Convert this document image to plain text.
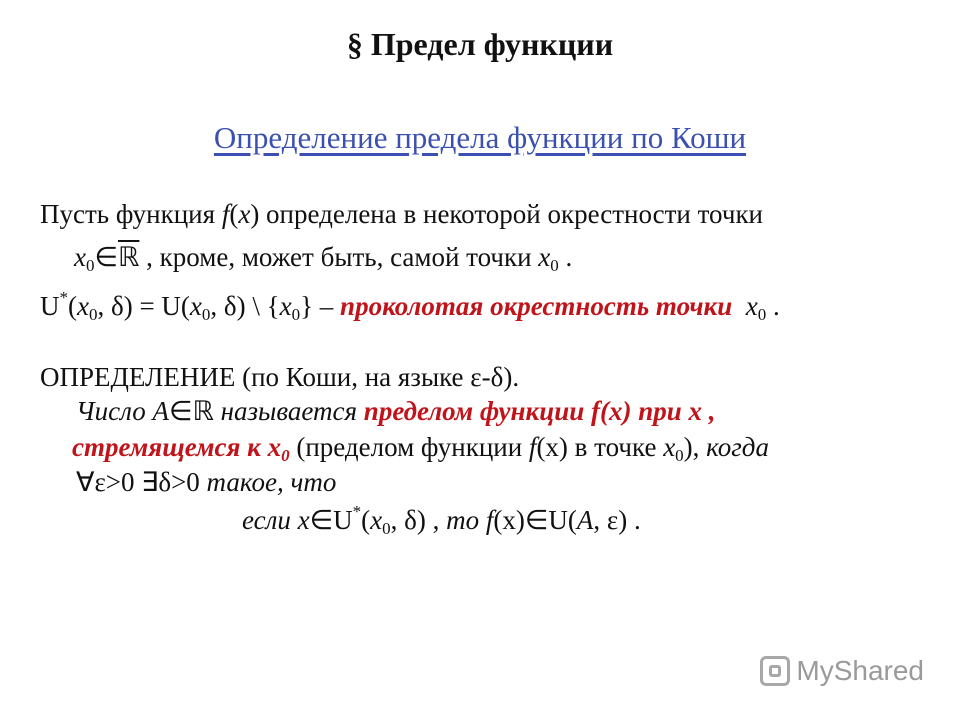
§ Предел функции
Определение предела функции по Коши
Пусть функция f(x) определена в некоторой окрестности точки
$x_0\in ℝ$ , кроме, может быть, самой точки $x_0$ .
$U^*(x_0$, $\delta) = U(x_0$, δ) \ $\{x_0\}$ – проколотая окрестность точки $x_0$ .
ОПРЕДЕЛЕНИЕ (по Коши, на языке ε-δ).
Число A∈ℝ называется пределом функции f(x) при x ,
стремящемся к $x_0$ (пределом функции f(x) в точке $x_0$), когда
∀ε>0 ∃δ>0 такое, что
если $x\in U^*(x_0$, δ) , то f(x)∈U(A, ε) .
MyShared
